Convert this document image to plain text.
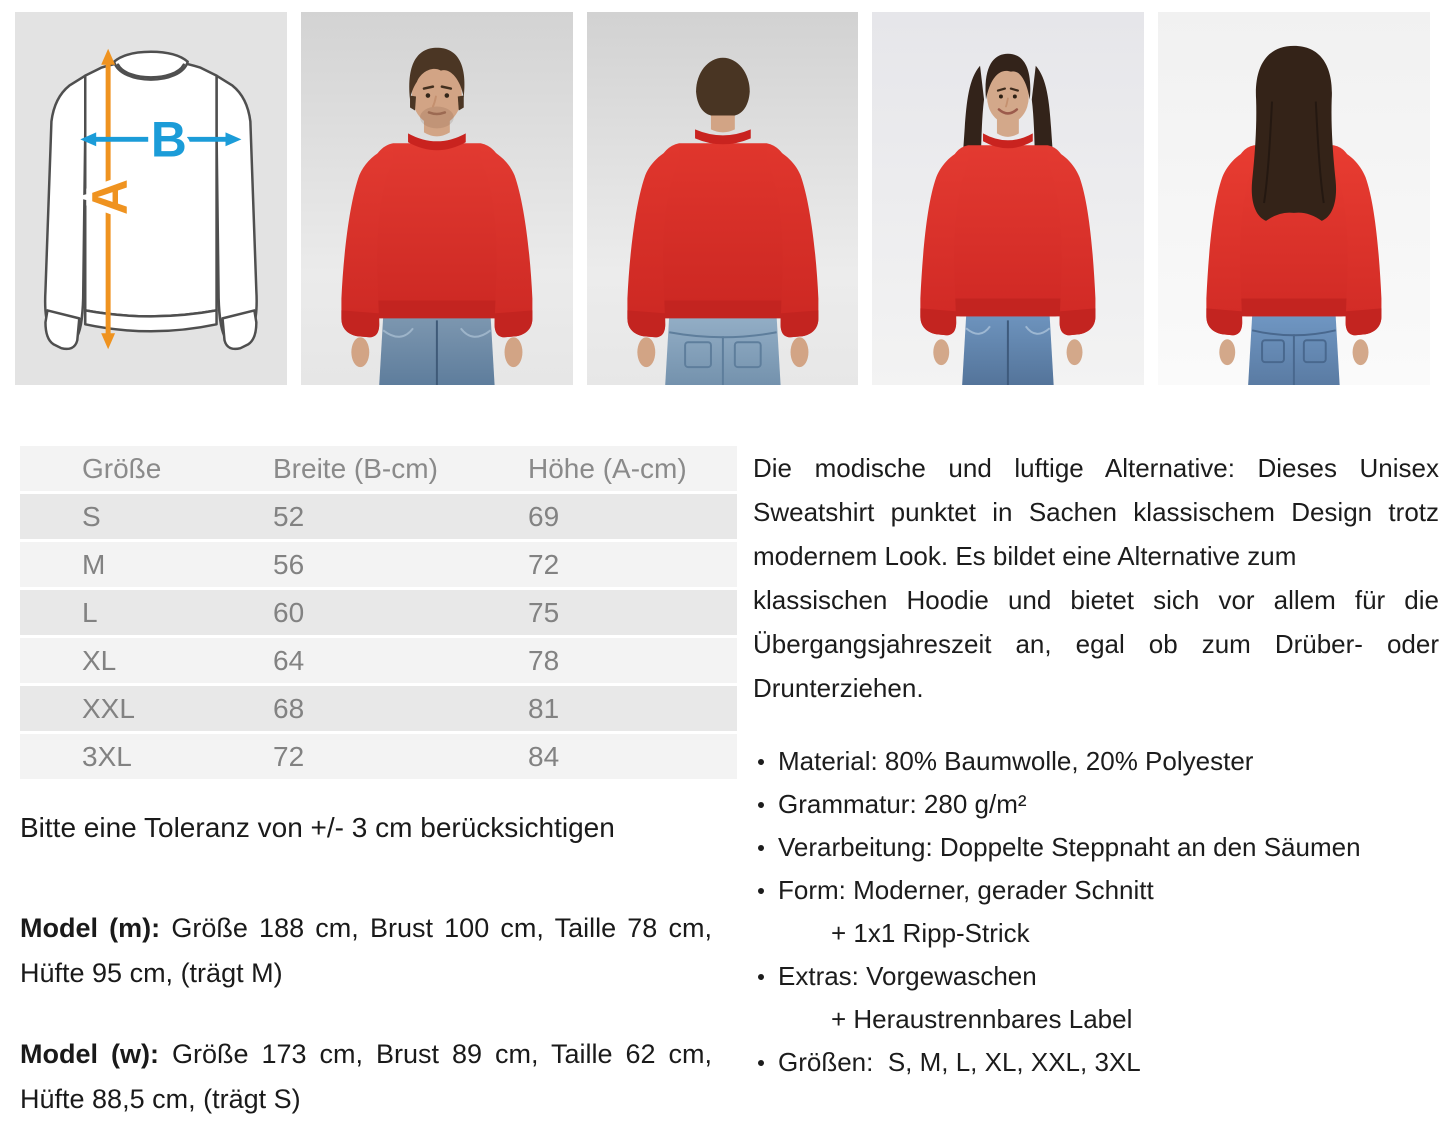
A
B
Größe	Breite (B-cm)	Höhe (A-cm)
S	52	69
M	56	72
L	60	75
XL	64	78
XXL	68	81
3XL	72	84
Bitte eine Toleranz von +/- 3 cm berücksichtigen
Model (m): Größe 188 cm, Brust 100 cm, Taille 78 cm, Hüfte 95 cm, (trägt M)
Model (w): Größe 173 cm, Brust 89 cm, Taille 62 cm, Hüfte 88,5 cm, (trägt S)
Die modische und luftige Alternative: Dieses Unisex
Sweatshirt punktet in Sachen klassischem Design trotz
modernem Look. Es bildet eine Alternative zum
klassischen Hoodie und bietet sich vor allem für die
Übergangsjahreszeit an, egal ob zum Drüber- oder
Drunterziehen.
Material: 80% Baumwolle, 20% Polyester
Grammatur: 280 g/m²
Verarbeitung: Doppelte Steppnaht an den Säumen
Form: Moderner, gerader Schnitt
+ 1x1 Ripp-Strick
Extras: Vorgewaschen
+ Heraustrennbares Label
Größen:  S, M, L, XL, XXL, 3XL
